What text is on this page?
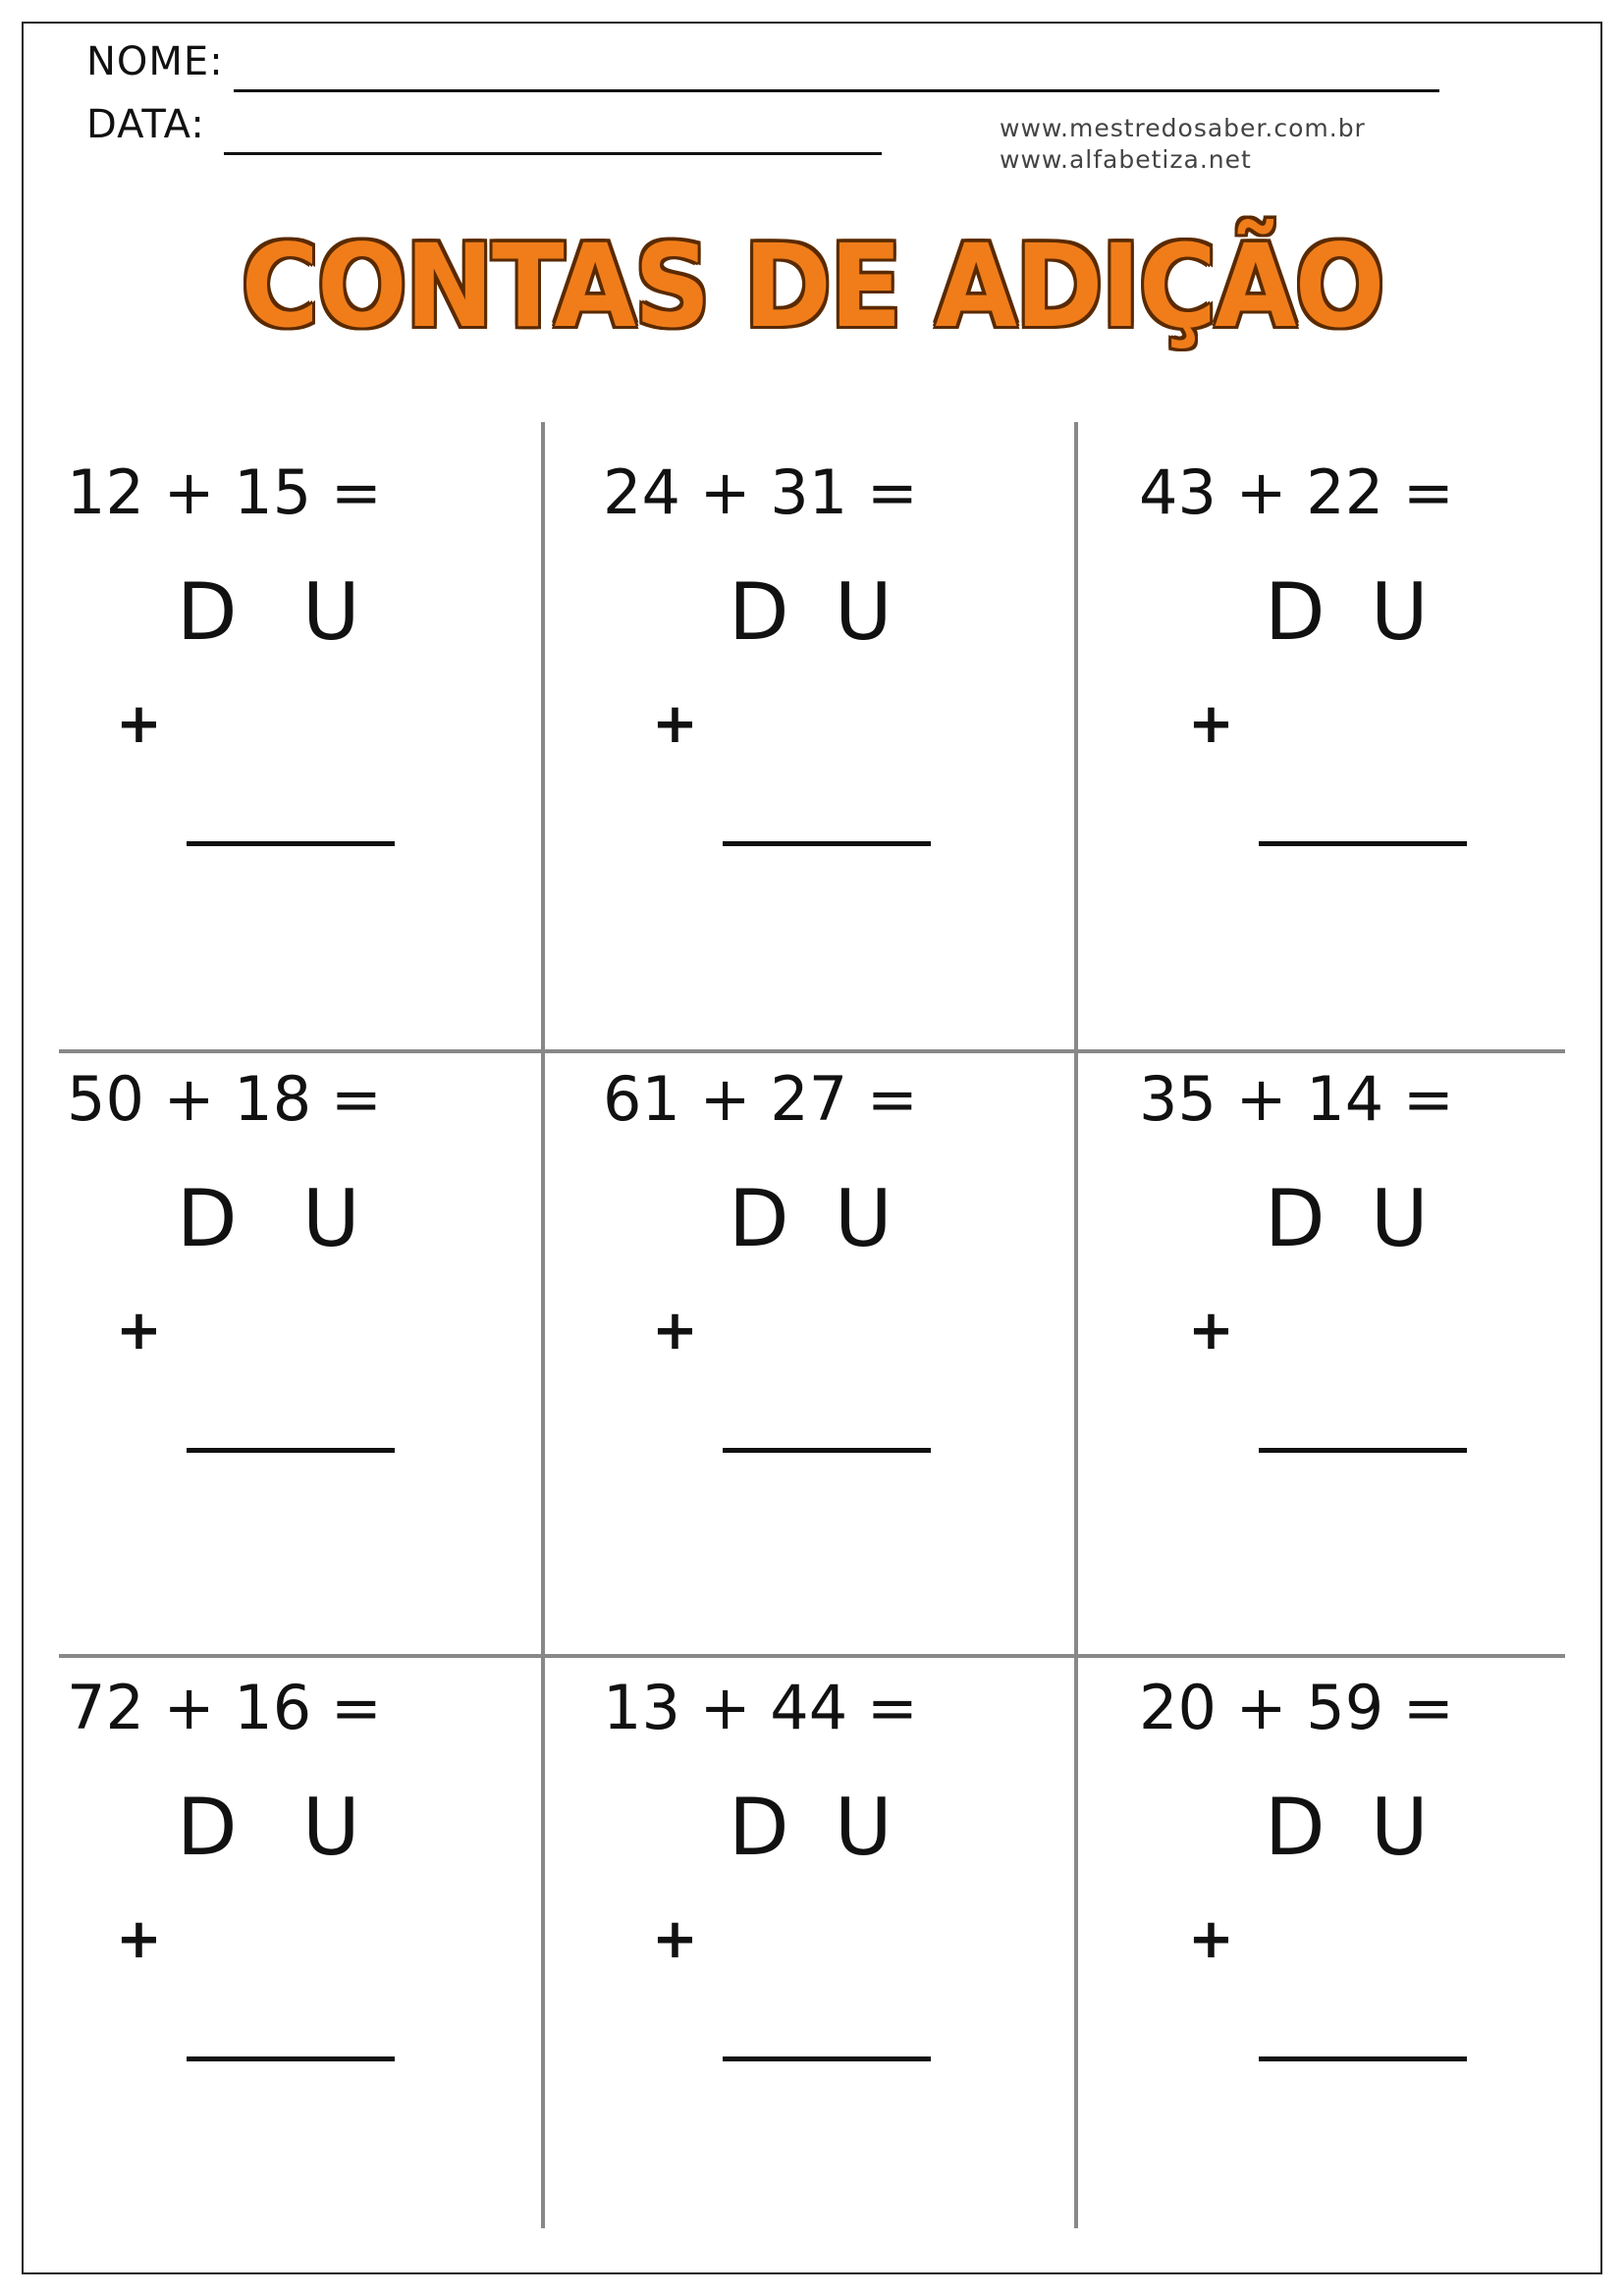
NOME:
DATA:	www.mestredosaber.com.br
www.alfabetiza.net
CONTAS DE ADIÇÃO
12 + 15 =
D U
+
24 + 31 =
D U
+
43 + 22 =
D U
+
50 + 18 =
D U
+
61 + 27 =
D U
+
35 + 14 =
D U
+
72 + 16 =
D U
+
13 + 44 =
D U
+
20 + 59 =
D U
+
